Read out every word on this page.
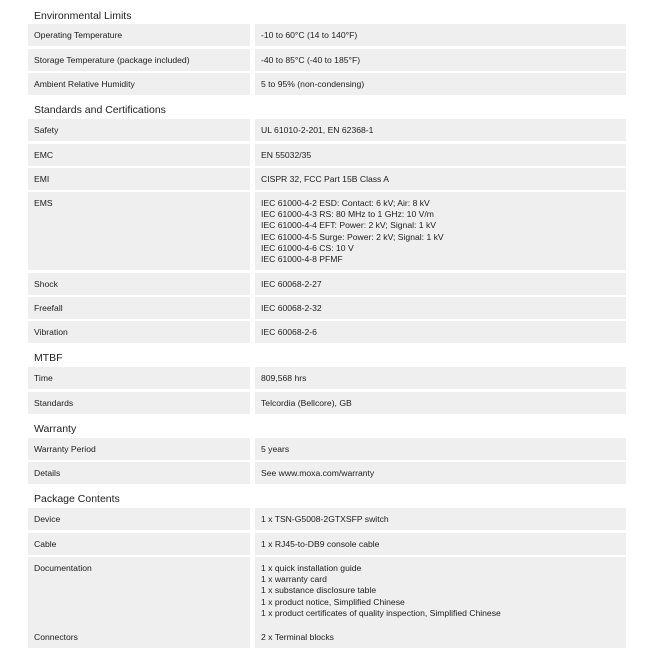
Environmental Limits
Operating Temperature	-10 to 60°C (14 to 140°F)
Storage Temperature (package included)	-40 to 85°C (-40 to 185°F)
Ambient Relative Humidity	5 to 95% (non-condensing)
Standards and Certifications
Safety	UL 61010-2-201, EN 62368-1
EMC	EN 55032/35
EMI	CISPR 32, FCC Part 15B Class A
EMS	IEC 61000-4-2 ESD: Contact: 6 kV; Air: 8 kV
IEC 61000-4-3 RS: 80 MHz to 1 GHz: 10 V/m
IEC 61000-4-4 EFT: Power: 2 kV; Signal: 1 kV
IEC 61000-4-5 Surge: Power: 2 kV; Signal: 1 kV
IEC 61000-4-6 CS: 10 V
IEC 61000-4-8 PFMF
Shock	IEC 60068-2-27
Freefall	IEC 60068-2-32
Vibration	IEC 60068-2-6
MTBF
Time	809,568 hrs
Standards	Telcordia (Bellcore), GB
Warranty
Warranty Period	5 years
Details	See www.moxa.com/warranty
Package Contents
Device	1 x TSN-G5008-2GTXSFP switch
Cable	1 x RJ45-to-DB9 console cable
Documentation	1 x quick installation guide
1 x warranty card
1 x substance disclosure table
1 x product notice, Simplified Chinese
1 x product certificates of quality inspection, Simplified Chinese
Connectors	2 x Terminal blocks
